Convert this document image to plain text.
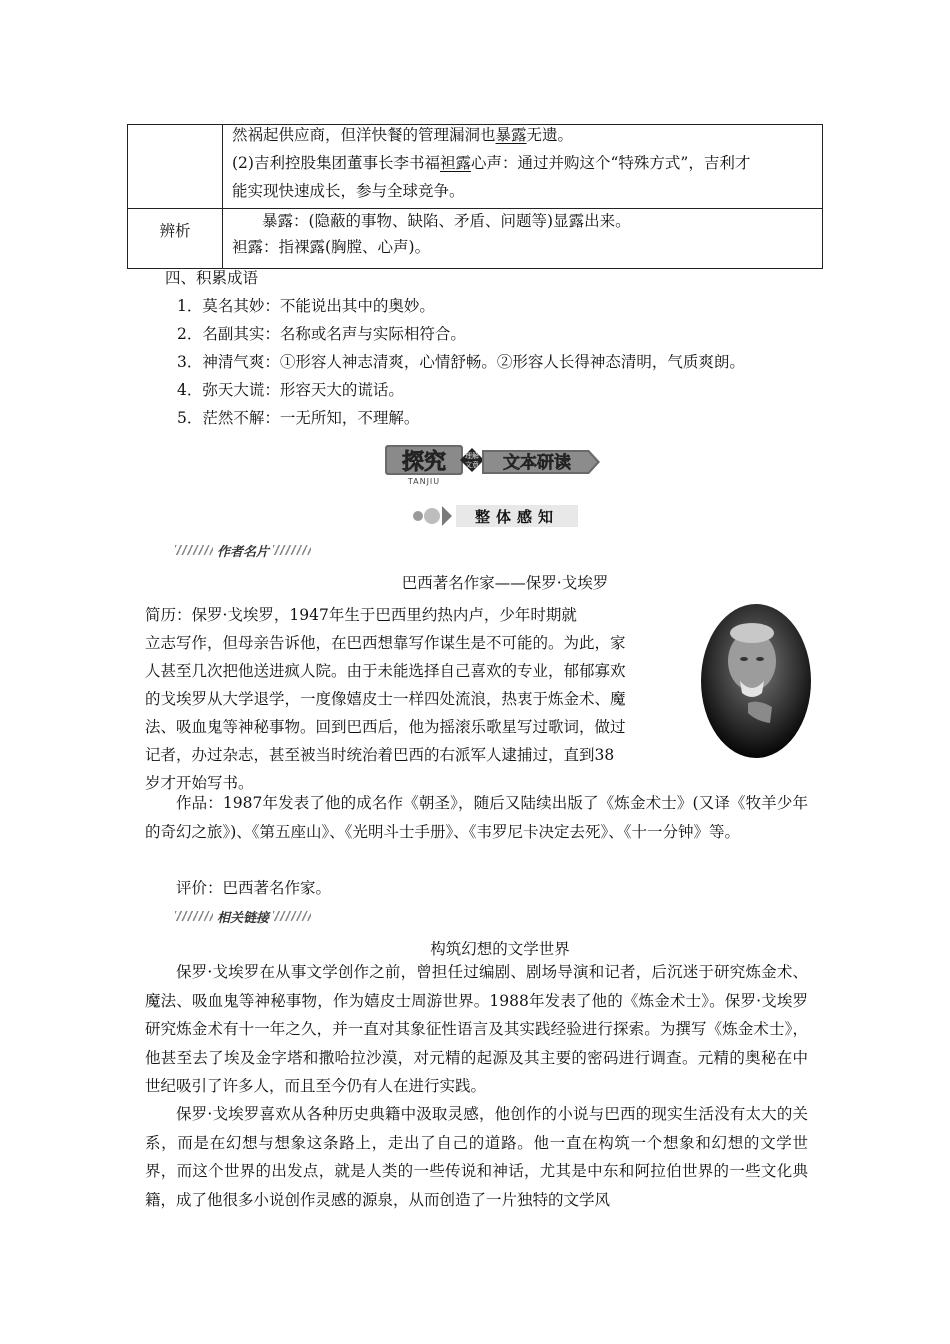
然祸起供应商，但洋快餐的管理漏洞也暴露无遗。
(2)吉利控股集团董事长李书福袒露心声：通过并购这个“特殊方式”，吉利才
能实现快速成长，参与全球竞争。
辨析
暴露：(隐蔽的事物、缺陷、矛盾、问题等)显露出来。
袒露：指裸露(胸膛、心声)。
四、积累成语
1．莫名其妙：不能说出其中的奥妙。
2．名副其实：名称或名声与实际相符合。
3．神清气爽：①形容人神志清爽，心情舒畅。②形容人长得神态清明，气质爽朗。
4．弥天大谎：形容天大的谎话。
5．茫然不解：一无所知，不理解。
探究
TANJIU
理解
文意 文本研读
整体感知
作者名片
巴西著名作家——保罗·戈埃罗
简历：保罗·戈埃罗，1947年生于巴西里约热内卢，少年时期就
立志写作，但母亲告诉他，在巴西想靠写作谋生是不可能的。为此，家
人甚至几次把他送进疯人院。由于未能选择自己喜欢的专业，郁郁寡欢
的戈埃罗从大学退学，一度像嬉皮士一样四处流浪，热衷于炼金术、魔
法、吸血鬼等神秘事物。回到巴西后，他为摇滚乐歌星写过歌词，做过
记者，办过杂志，甚至被当时统治着巴西的右派军人逮捕过，直到38
岁才开始写书。
作品：1987年发表了他的成名作《朝圣》，随后又陆续出版了《炼金术士》(又译《牧羊少年的奇幻之旅》)、《第五座山》、《光明斗士手册》、《韦罗尼卡决定去死》、《十一分钟》等。
评价：巴西著名作家。
相关链接
构筑幻想的文学世界
保罗·戈埃罗在从事文学创作之前，曾担任过编剧、剧场导演和记者，后沉迷于研究炼金术、魔法、吸血鬼等神秘事物，作为嬉皮士周游世界。1988年发表了他的《炼金术士》。保罗·戈埃罗研究炼金术有十一年之久，并一直对其象征性语言及其实践经验进行探索。为撰写《炼金术士》，他甚至去了埃及金字塔和撒哈拉沙漠，对元精的起源及其主要的密码进行调查。元精的奥秘在中世纪吸引了许多人，而且至今仍有人在进行实践。
保罗·戈埃罗喜欢从各种历史典籍中汲取灵感，他创作的小说与巴西的现实生活没有太大的关系，而是在幻想与想象这条路上，走出了自己的道路。他一直在构筑一个想象和幻想的文学世界，而这个世界的出发点，就是人类的一些传说和神话，尤其是中东和阿拉伯世界的一些文化典籍，成了他很多小说创作灵感的源泉，从而创造了一片独特的文学风
